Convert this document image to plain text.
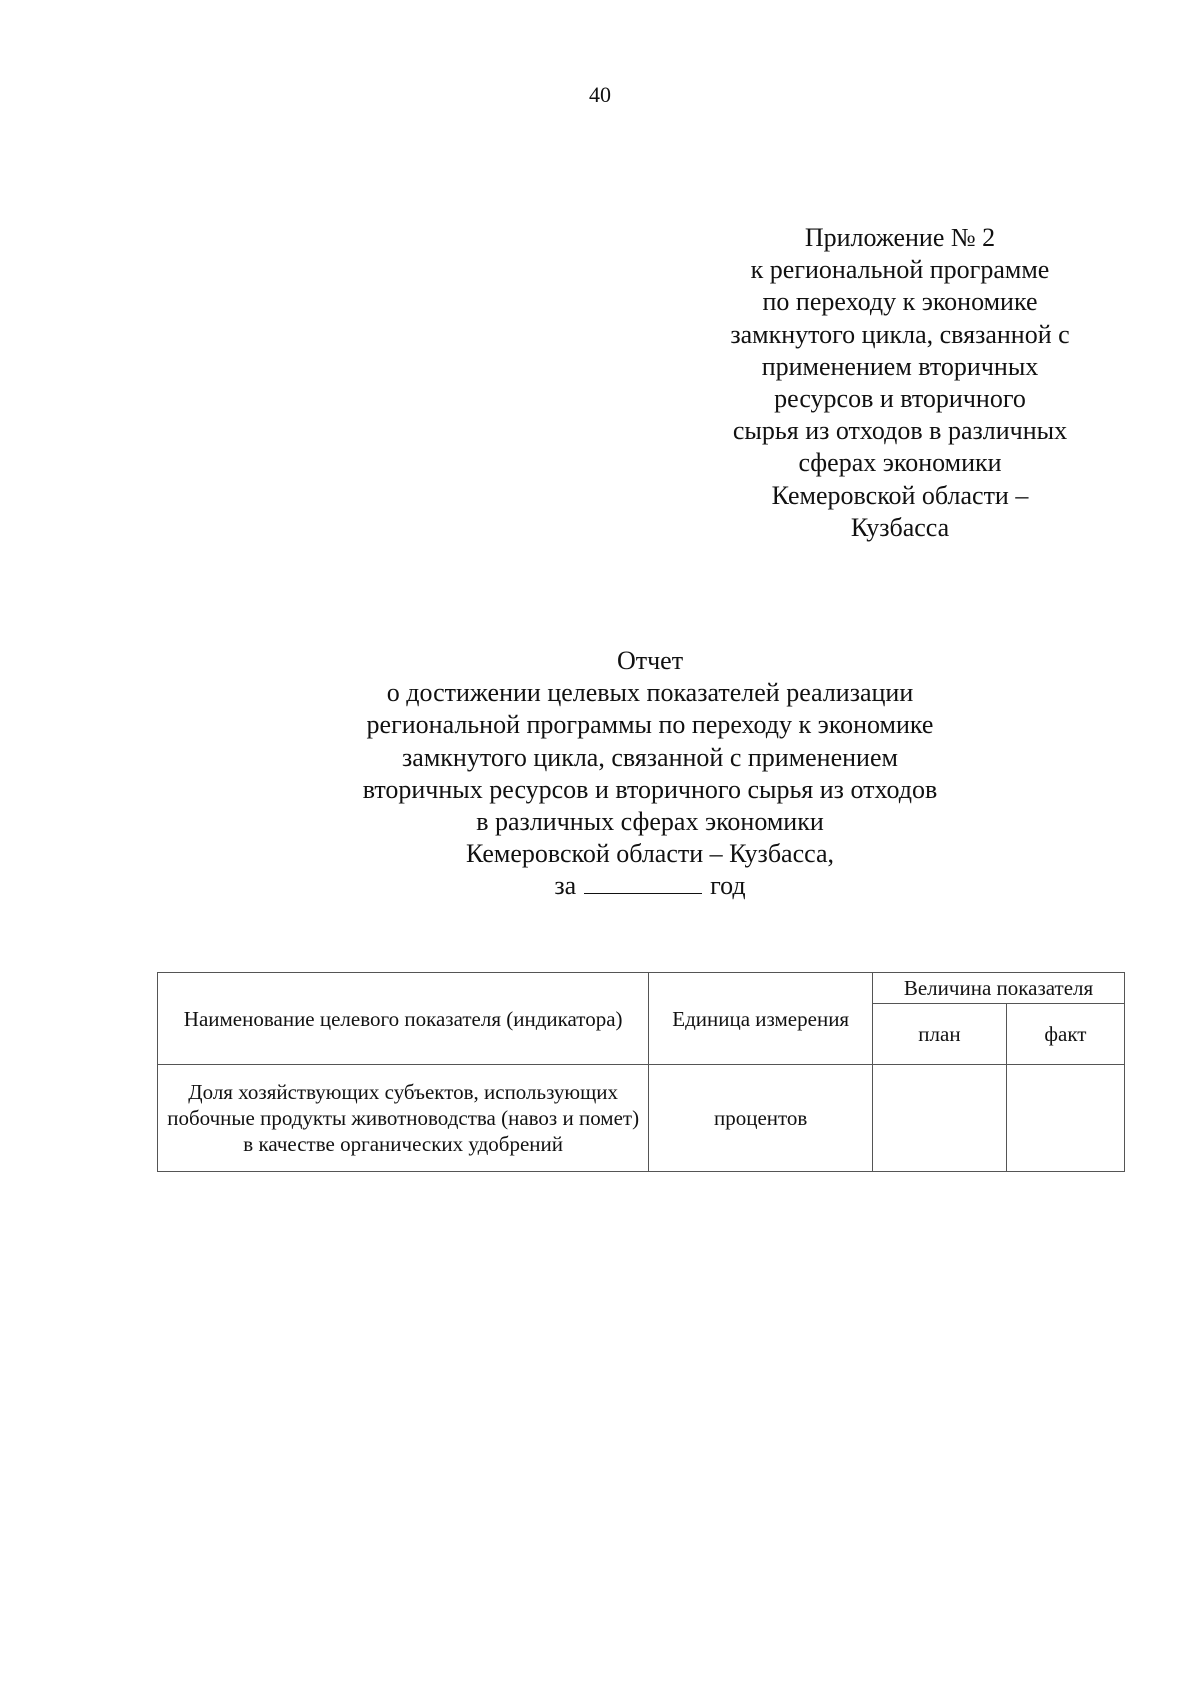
40
Приложение № 2
к региональной программе
по переходу к экономике
замкнутого цикла, связанной с
применением вторичных
ресурсов и вторичного
сырья из отходов в различных
сферах экономики
Кемеровской области –
Кузбасса
Отчет
о достижении целевых показателей реализации
региональной программы по переходу к экономике
замкнутого цикла, связанной с применением
вторичных ресурсов и вторичного сырья из отходов
в различных сферах экономики
Кемеровской области – Кузбасса,
за	год
Наименование целевого показателя (индикатора)	Единица измерения	Величина показателя	
		план	факт
Доля хозяйствующих субъектов, использующих побочные продукты животноводства (навоз и помет) в качестве органических удобрений	процентов		
